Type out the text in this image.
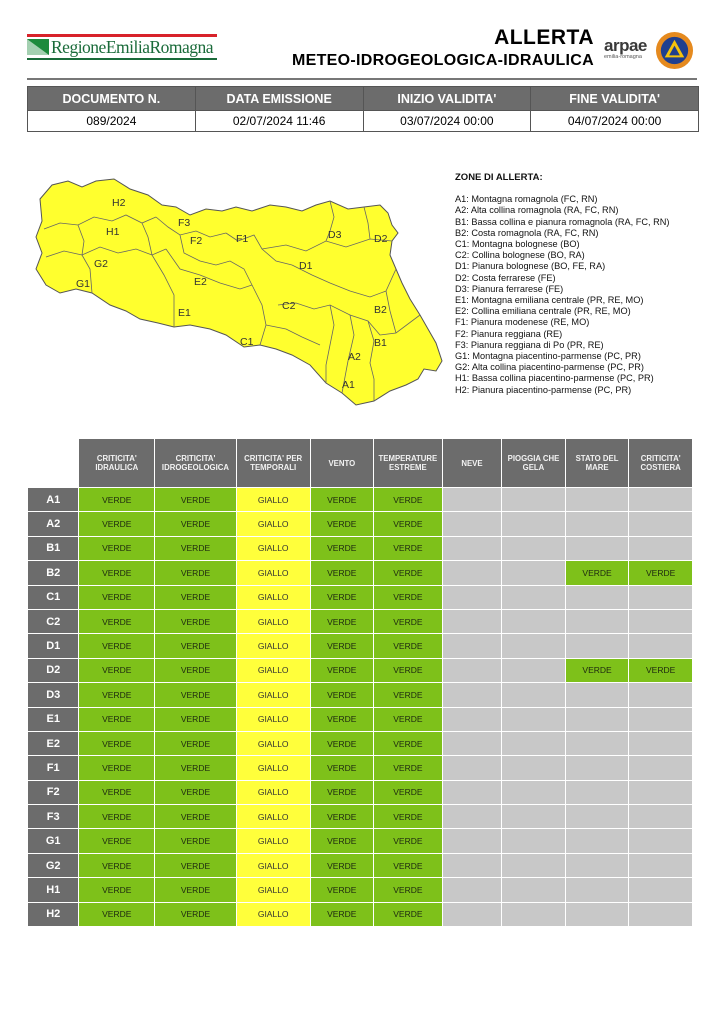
RegioneEmiliaRomagna	ALLERTA
METEO-IDROGEOLOGICA-IDRAULICA
arpae
emilia-romagna
DOCUMENTO N.	DATA EMISSIONE	INIZIO VALIDITA'	FINE VALIDITA'
089/2024	02/07/2024 11:46	03/07/2024 00:00	04/07/2024 00:00
H2
H1
G2
G1
F3
F2	F1
E2
E1
D3	D2
D1
C2
C1
B2
B1
A2
A1
ZONE DI ALLERTA:
A1: Montagna romagnola (FC, RN)
A2: Alta collina romagnola (RA, FC, RN)
B1: Bassa collina e pianura romagnola (RA, FC, RN)
B2: Costa romagnola (RA, FC, RN)
C1: Montagna bolognese (BO)
C2: Collina bolognese (BO, RA)
D1: Pianura bolognese (BO, FE, RA)
D2: Costa ferrarese (FE)
D3: Pianura ferrarese (FE)
E1: Montagna emiliana centrale (PR, RE, MO)
E2: Collina emiliana centrale (PR, RE, MO)
F1: Pianura modenese (RE, MO)
F2: Pianura reggiana (RE)
F3: Pianura reggiana di Po (PR, RE)
G1: Montagna piacentino-parmense (PC, PR)
G2: Alta collina piacentino-parmense (PC, PR)
H1: Bassa collina piacentino-parmense (PC, PR)
H2: Pianura piacentino-parmense (PC, PR)
	CRITICITA' IDRAULICA	CRITICITA' IDROGEOLOGICA	CRITICITA' PER TEMPORALI	VENTO	TEMPERATURE ESTREME	NEVE	PIOGGIA CHE GELA	STATO DEL MARE	CRITICITA' COSTIERA
A1	VERDE	VERDE	GIALLO	VERDE	VERDE				
A2	VERDE	VERDE	GIALLO	VERDE	VERDE				
B1	VERDE	VERDE	GIALLO	VERDE	VERDE				
B2	VERDE	VERDE	GIALLO	VERDE	VERDE			VERDE	VERDE
C1	VERDE	VERDE	GIALLO	VERDE	VERDE				
C2	VERDE	VERDE	GIALLO	VERDE	VERDE				
D1	VERDE	VERDE	GIALLO	VERDE	VERDE				
D2	VERDE	VERDE	GIALLO	VERDE	VERDE			VERDE	VERDE
D3	VERDE	VERDE	GIALLO	VERDE	VERDE				
E1	VERDE	VERDE	GIALLO	VERDE	VERDE				
E2	VERDE	VERDE	GIALLO	VERDE	VERDE				
F1	VERDE	VERDE	GIALLO	VERDE	VERDE				
F2	VERDE	VERDE	GIALLO	VERDE	VERDE				
F3	VERDE	VERDE	GIALLO	VERDE	VERDE				
G1	VERDE	VERDE	GIALLO	VERDE	VERDE				
G2	VERDE	VERDE	GIALLO	VERDE	VERDE				
H1	VERDE	VERDE	GIALLO	VERDE	VERDE				
H2	VERDE	VERDE	GIALLO	VERDE	VERDE				
